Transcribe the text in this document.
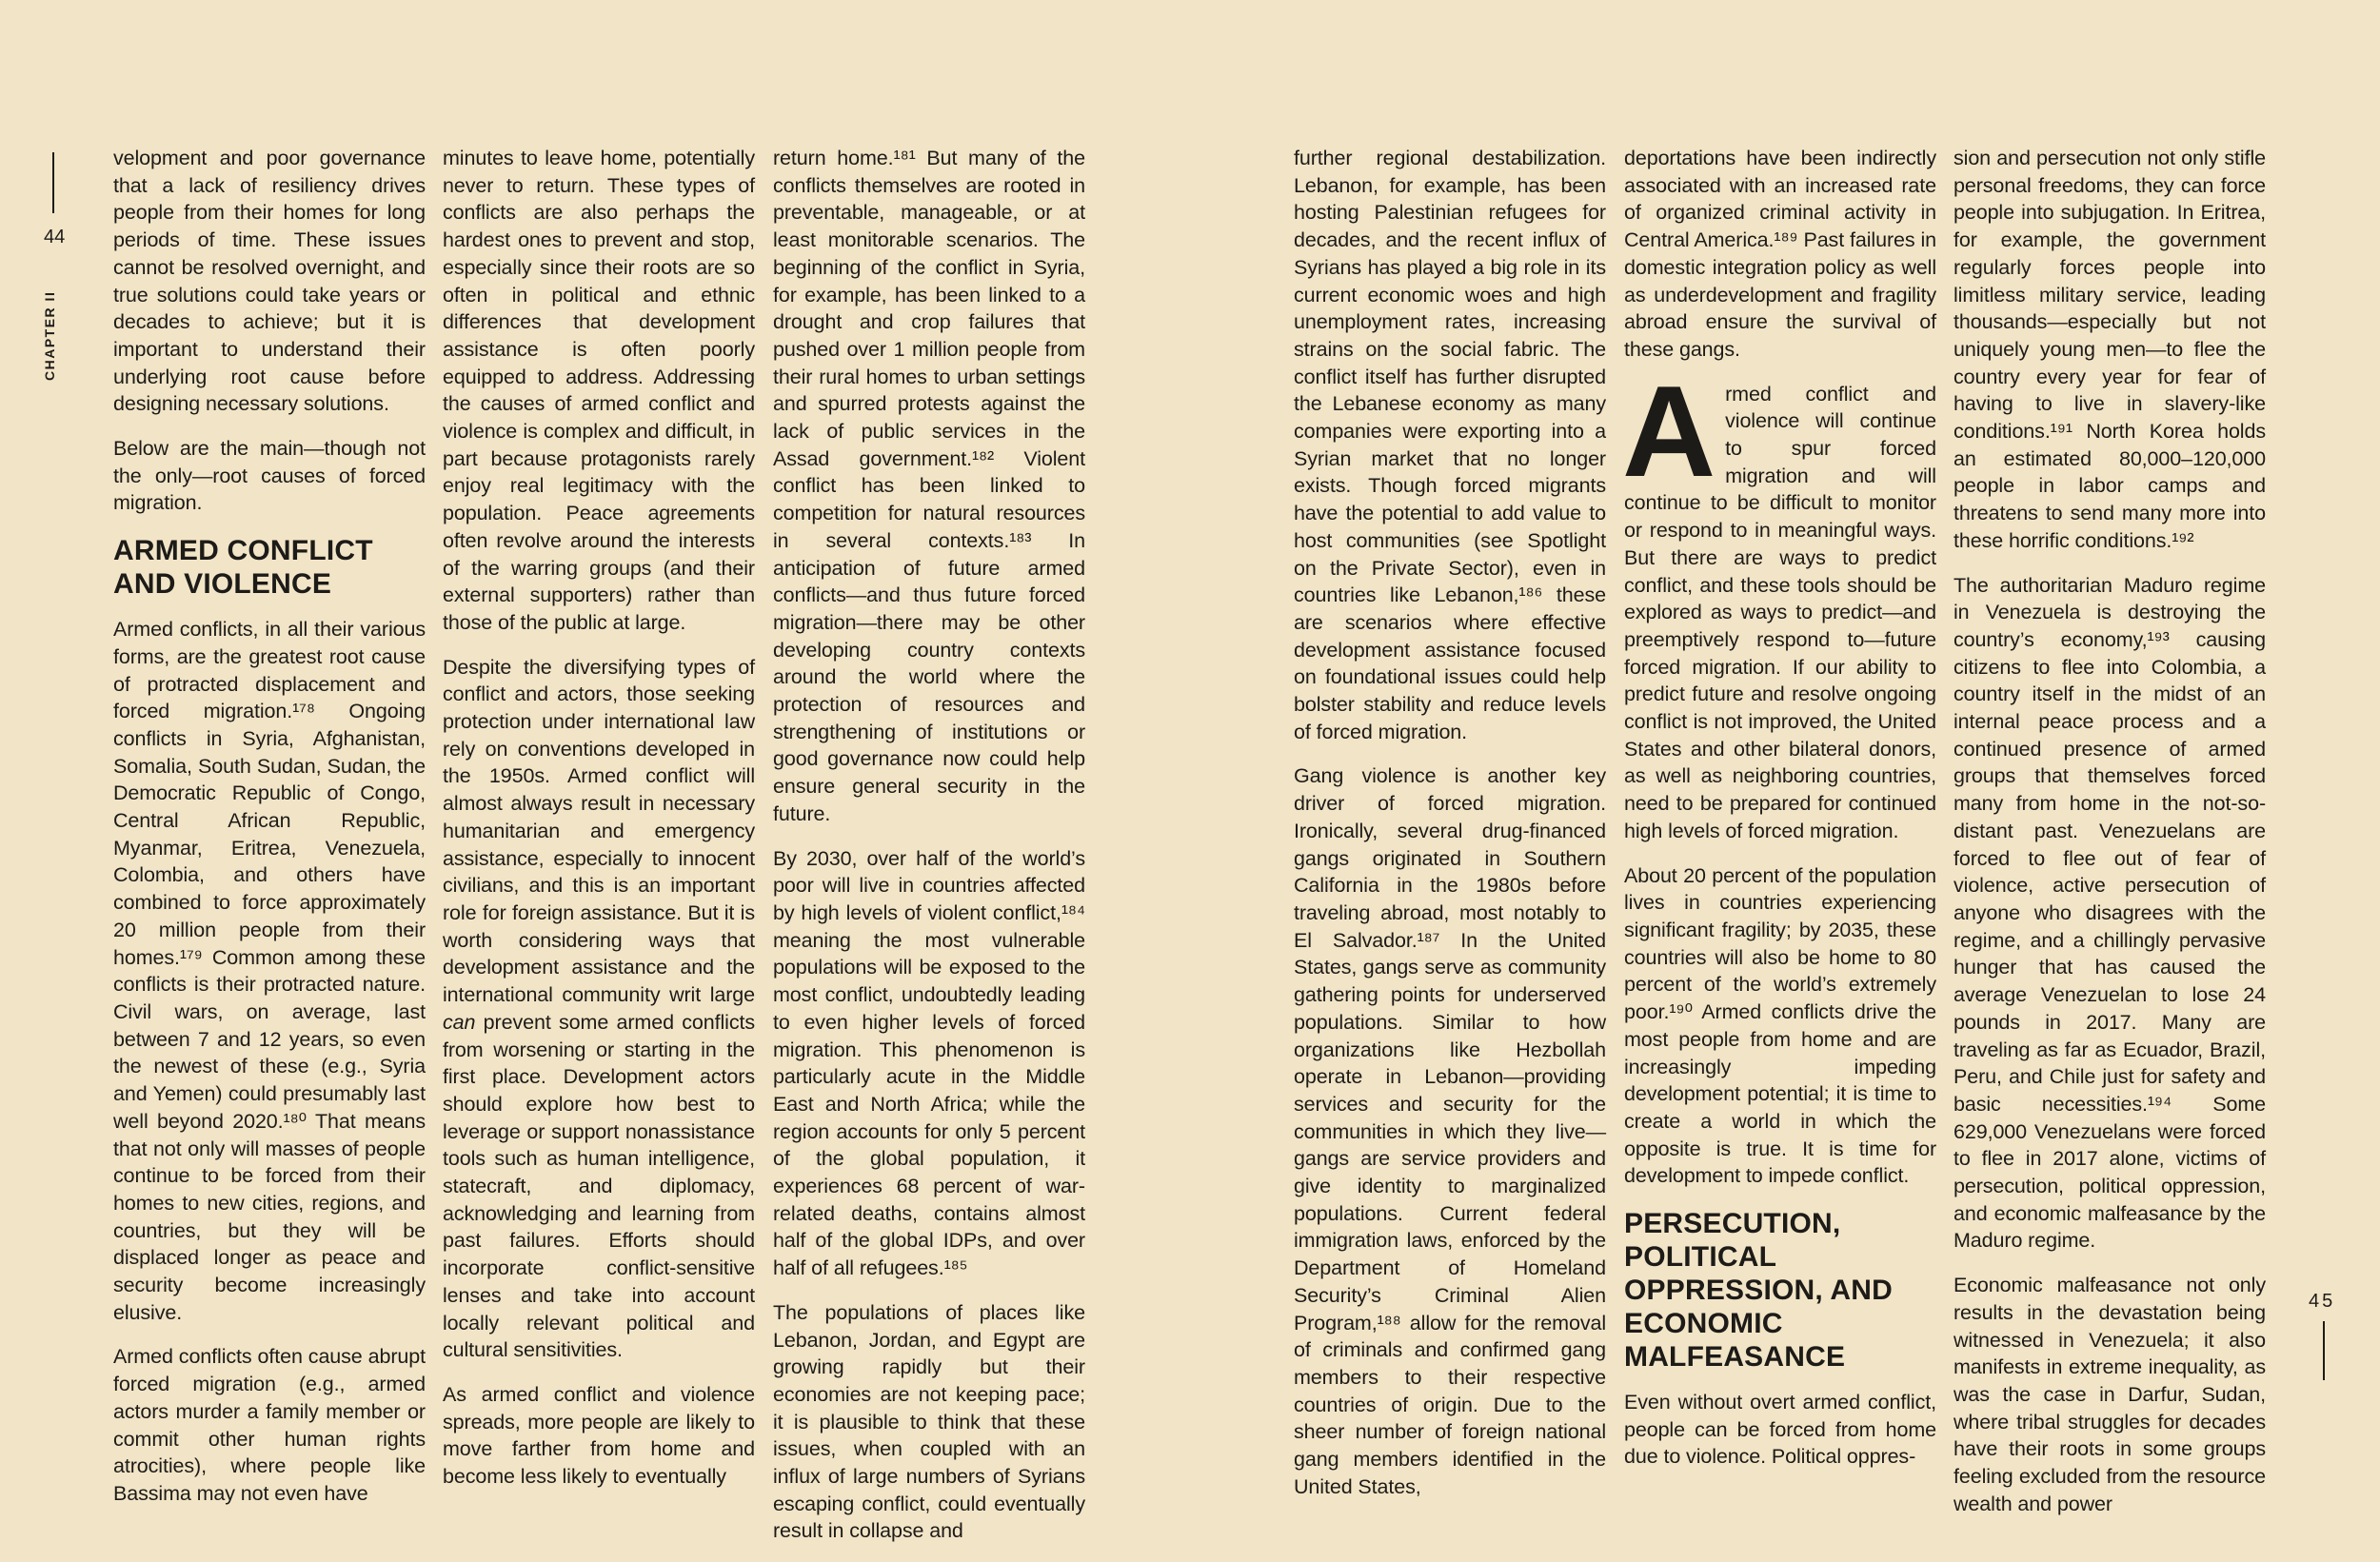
44
CHAPTER II

velopment and poor governance that a lack of resiliency drives people from their homes for long periods of time. These issues cannot be resolved overnight, and true solutions could take years or decades to achieve; but it is important to understand their underlying root cause before designing necessary solutions.

Below are the main—though not the only—root causes of forced migration.

ARMED CONFLICT AND VIOLENCE

Armed conflicts, in all their various forms, are the greatest root cause of protracted displacement and forced migration.¹⁷⁸ Ongoing conflicts in Syria, Afghanistan, Somalia, South Sudan, Sudan, the Democratic Republic of Congo, Central African Republic, Myanmar, Eritrea, Venezuela, Colombia, and others have combined to force approximately 20 million people from their homes.¹⁷⁹ Common among these conflicts is their protracted nature. Civil wars, on average, last between 7 and 12 years, so even the newest of these (e.g., Syria and Yemen) could presumably last well beyond 2020.¹⁸⁰ That means that not only will masses of people continue to be forced from their homes to new cities, regions, and countries, but they will be displaced longer as peace and security become increasingly elusive.

Armed conflicts often cause abrupt forced migration (e.g., armed actors murder a family member or commit other human rights atrocities), where people like Bassima may not even have

minutes to leave home, potentially never to return. These types of conflicts are also perhaps the hardest ones to prevent and stop, especially since their roots are so often in political and ethnic differences that development assistance is often poorly equipped to address. Addressing the causes of armed conflict and violence is complex and difficult, in part because protagonists rarely enjoy real legitimacy with the population. Peace agreements often revolve around the interests of the warring groups (and their external supporters) rather than those of the public at large.

Despite the diversifying types of conflict and actors, those seeking protection under international law rely on conventions developed in the 1950s. Armed conflict will almost always result in necessary humanitarian and emergency assistance, especially to innocent civilians, and this is an important role for foreign assistance. But it is worth considering ways that development assistance and the international community writ large can prevent some armed conflicts from worsening or starting in the first place. Development actors should explore how best to leverage or support nonassistance tools such as human intelligence, statecraft, and diplomacy, acknowledging and learning from past failures. Efforts should incorporate conflict-sensitive lenses and take into account locally relevant political and cultural sensitivities.

As armed conflict and violence spreads, more people are likely to move farther from home and become less likely to eventually

return home.¹⁸¹ But many of the conflicts themselves are rooted in preventable, manageable, or at least monitorable scenarios. The beginning of the conflict in Syria, for example, has been linked to a drought and crop failures that pushed over 1 million people from their rural homes to urban settings and spurred protests against the lack of public services in the Assad government.¹⁸² Violent conflict has been linked to competition for natural resources in several contexts.¹⁸³ In anticipation of future armed conflicts—and thus future forced migration—there may be other developing country contexts around the world where the protection of resources and strengthening of institutions or good governance now could help ensure general security in the future.

By 2030, over half of the world’s poor will live in countries affected by high levels of violent conflict,¹⁸⁴ meaning the most vulnerable populations will be exposed to the most conflict, undoubtedly leading to even higher levels of forced migration. This phenomenon is particularly acute in the Middle East and North Africa; while the region accounts for only 5 percent of the global population, it experiences 68 percent of war-related deaths, contains almost half of the global IDPs, and over half of all refugees.¹⁸⁵

The populations of places like Lebanon, Jordan, and Egypt are growing rapidly but their economies are not keeping pace; it is plausible to think that these issues, when coupled with an influx of large numbers of Syrians escaping conflict, could eventually result in collapse and

further regional destabilization. Lebanon, for example, has been hosting Palestinian refugees for decades, and the recent influx of Syrians has played a big role in its current economic woes and high unemployment rates, increasing strains on the social fabric. The conflict itself has further disrupted the Lebanese economy as many companies were exporting into a Syrian market that no longer exists. Though forced migrants have the potential to add value to host communities (see Spotlight on the Private Sector), even in countries like Lebanon,¹⁸⁶ these are scenarios where effective development assistance focused on foundational issues could help bolster stability and reduce levels of forced migration.

Gang violence is another key driver of forced migration. Ironically, several drug-financed gangs originated in Southern California in the 1980s before traveling abroad, most notably to El Salvador.¹⁸⁷ In the United States, gangs serve as community gathering points for underserved populations. Similar to how organizations like Hezbollah operate in Lebanon—providing services and security for the communities in which they live—gangs are service providers and give identity to marginalized populations. Current federal immigration laws, enforced by the Department of Homeland Security’s Criminal Alien Program,¹⁸⁸ allow for the removal of criminals and confirmed gang members to their respective countries of origin. Due to the sheer number of foreign national gang members identified in the United States,

deportations have been indirectly associated with an increased rate of organized criminal activity in Central America.¹⁸⁹ Past failures in domestic integration policy as well as underdevelopment and fragility abroad ensure the survival of these gangs.

Armed conflict and violence will continue to spur forced migration and will continue to be difficult to monitor or respond to in meaningful ways. But there are ways to predict conflict, and these tools should be explored as ways to predict—and preemptively respond to—future forced migration. If our ability to predict future and resolve ongoing conflict is not improved, the United States and other bilateral donors, as well as neighboring countries, need to be prepared for continued high levels of forced migration.

About 20 percent of the population lives in countries experiencing significant fragility; by 2035, these countries will also be home to 80 percent of the world’s extremely poor.¹⁹⁰ Armed conflicts drive the most people from home and are increasingly impeding development potential; it is time to create a world in which the opposite is true. It is time for development to impede conflict.

PERSECUTION, POLITICAL OPPRESSION, AND ECONOMIC MALFEASANCE

Even without overt armed conflict, people can be forced from home due to violence. Political oppres-

sion and persecution not only stifle personal freedoms, they can force people into subjugation. In Eritrea, for example, the government regularly forces people into limitless military service, leading thousands—especially but not uniquely young men—to flee the country every year for fear of having to live in slavery-like conditions.¹⁹¹ North Korea holds an estimated 80,000–120,000 people in labor camps and threatens to send many more into these horrific conditions.¹⁹²

The authoritarian Maduro regime in Venezuela is destroying the country’s economy,¹⁹³ causing citizens to flee into Colombia, a country itself in the midst of an internal peace process and a continued presence of armed groups that themselves forced many from home in the not-so-distant past. Venezuelans are forced to flee out of fear of violence, active persecution of anyone who disagrees with the regime, and a chillingly pervasive hunger that has caused the average Venezuelan to lose 24 pounds in 2017. Many are traveling as far as Ecuador, Brazil, Peru, and Chile just for safety and basic necessities.¹⁹⁴ Some 629,000 Venezuelans were forced to flee in 2017 alone, victims of persecution, political oppression, and economic malfeasance by the Maduro regime.

Economic malfeasance not only results in the devastation being witnessed in Venezuela; it also manifests in extreme inequality, as was the case in Darfur, Sudan, where tribal struggles for decades have their roots in some groups feeling excluded from the resource wealth and power

45
